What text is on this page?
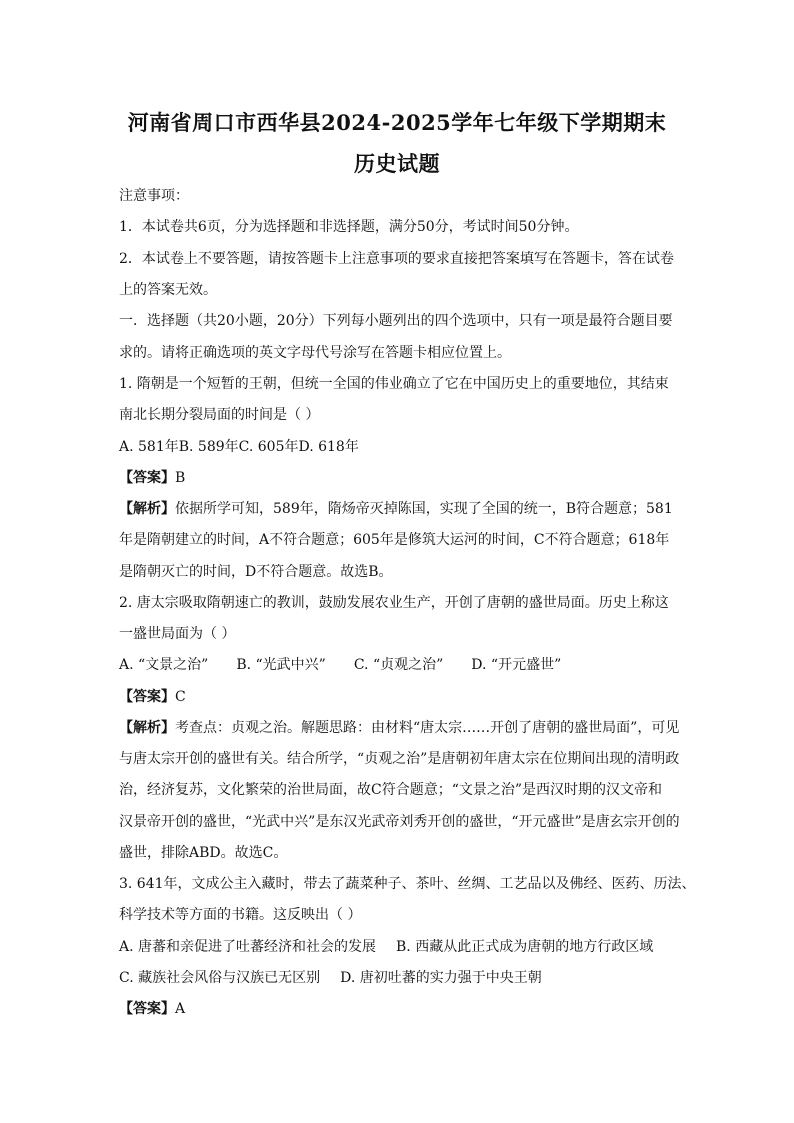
河南省周口市西华县2024-2025学年七年级下学期期末
历史试题
注意事项：
1．本试卷共6页，分为选择题和非选择题，满分50分，考试时间50分钟。
2．本试卷上不要答题，请按答题卡上注意事项的要求直接把答案填写在答题卡，答在试卷
上的答案无效。
一．选择题（共20小题，20分）下列每小题列出的四个选项中，只有一项是最符合题目要
求的。请将正确选项的英文字母代号涂写在答题卡相应位置上。
1. 隋朝是一个短暂的王朝，但统一全国的伟业确立了它在中国历史上的重要地位，其结束
南北长期分裂局面的时间是（ ）
A. 581年B. 589年C. 605年D. 618年
【答案】B
【解析】依据所学可知，589年，隋炀帝灭掉陈国，实现了全国的统一，B符合题意；581
年是隋朝建立的时间，A不符合题意；605年是修筑大运河的时间，C不符合题意；618年
是隋朝灭亡的时间，D不符合题意。故选B。
2. 唐太宗吸取隋朝速亡的教训，鼓励发展农业生产，开创了唐朝的盛世局面。历史上称这
一盛世局面为（ ）
A. “文景之治” B. “光武中兴” C. “贞观之治” D. “开元盛世”
【答案】C
【解析】考查点：贞观之治。解题思路：由材料“唐太宗……开创了唐朝的盛世局面”，可见
与唐太宗开创的盛世有关。结合所学，“贞观之治”是唐朝初年唐太宗在位期间出现的清明政
治，经济复苏，文化繁荣的治世局面，故C符合题意；“文景之治”是西汉时期的汉文帝和
汉景帝开创的盛世，“光武中兴”是东汉光武帝刘秀开创的盛世，“开元盛世”是唐玄宗开创的
盛世，排除ABD。故选C。
3. 641年，文成公主入藏时，带去了蔬菜种子、茶叶、丝绸、工艺品以及佛经、医药、历法、
科学技术等方面的书籍。这反映出（ ）
A. 唐蕃和亲促进了吐蕃经济和社会的发展 B. 西藏从此正式成为唐朝的地方行政区域
C. 藏族社会风俗与汉族已无区别 D. 唐初吐蕃的实力强于中央王朝
【答案】A
